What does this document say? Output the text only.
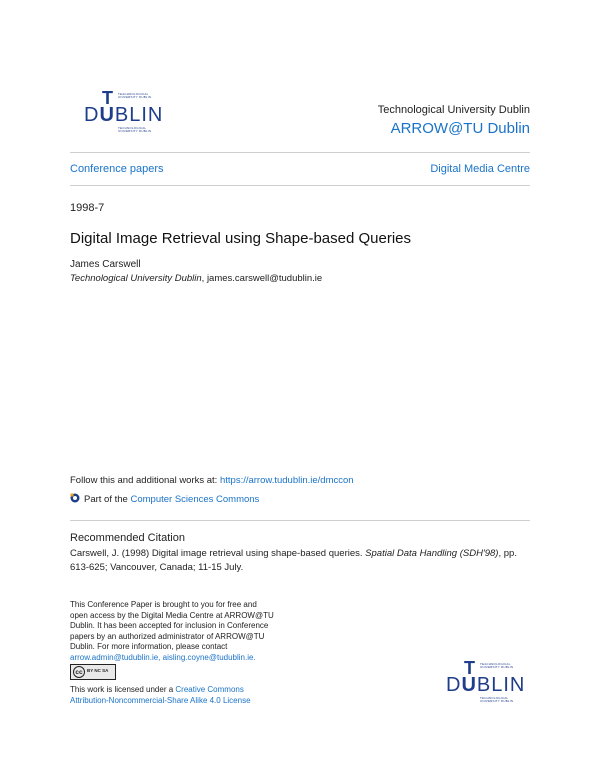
T TEACHNOLOGICAL UNIVERSITY DUBLIN
DUBLIN
TECHNOLOGICAL UNIVERSITY DUBLIN
Technological University Dublin
ARROW@TU Dublin
Conference papers	Digital Media Centre
1998-7
Digital Image Retrieval using Shape-based Queries
James Carswell
Technological University Dublin, james.carswell@tudublin.ie
Follow this and additional works at: https://arrow.tudublin.ie/dmccon
Part of the Computer Sciences Commons
Recommended Citation
Carswell, J. (1998) Digital image retrieval using shape-based queries. Spatial Data Handling (SDH'98), pp.
613-625; Vancouver, Canada; 11-15 July.
This Conference Paper is brought to you for free and
open access by the Digital Media Centre at ARROW@TU
Dublin. It has been accepted for inclusion in Conference
papers by an authorized administrator of ARROW@TU
Dublin. For more information, please contact
arrow.admin@tudublin.ie, aisling.coyne@tudublin.ie.
cc BY NC SA
This work is licensed under a Creative Commons
Attribution-Noncommercial-Share Alike 4.0 License
T TEACHNOLOGICAL UNIVERSITY DUBLIN
DUBLIN
TECHNOLOGICAL UNIVERSITY DUBLIN
